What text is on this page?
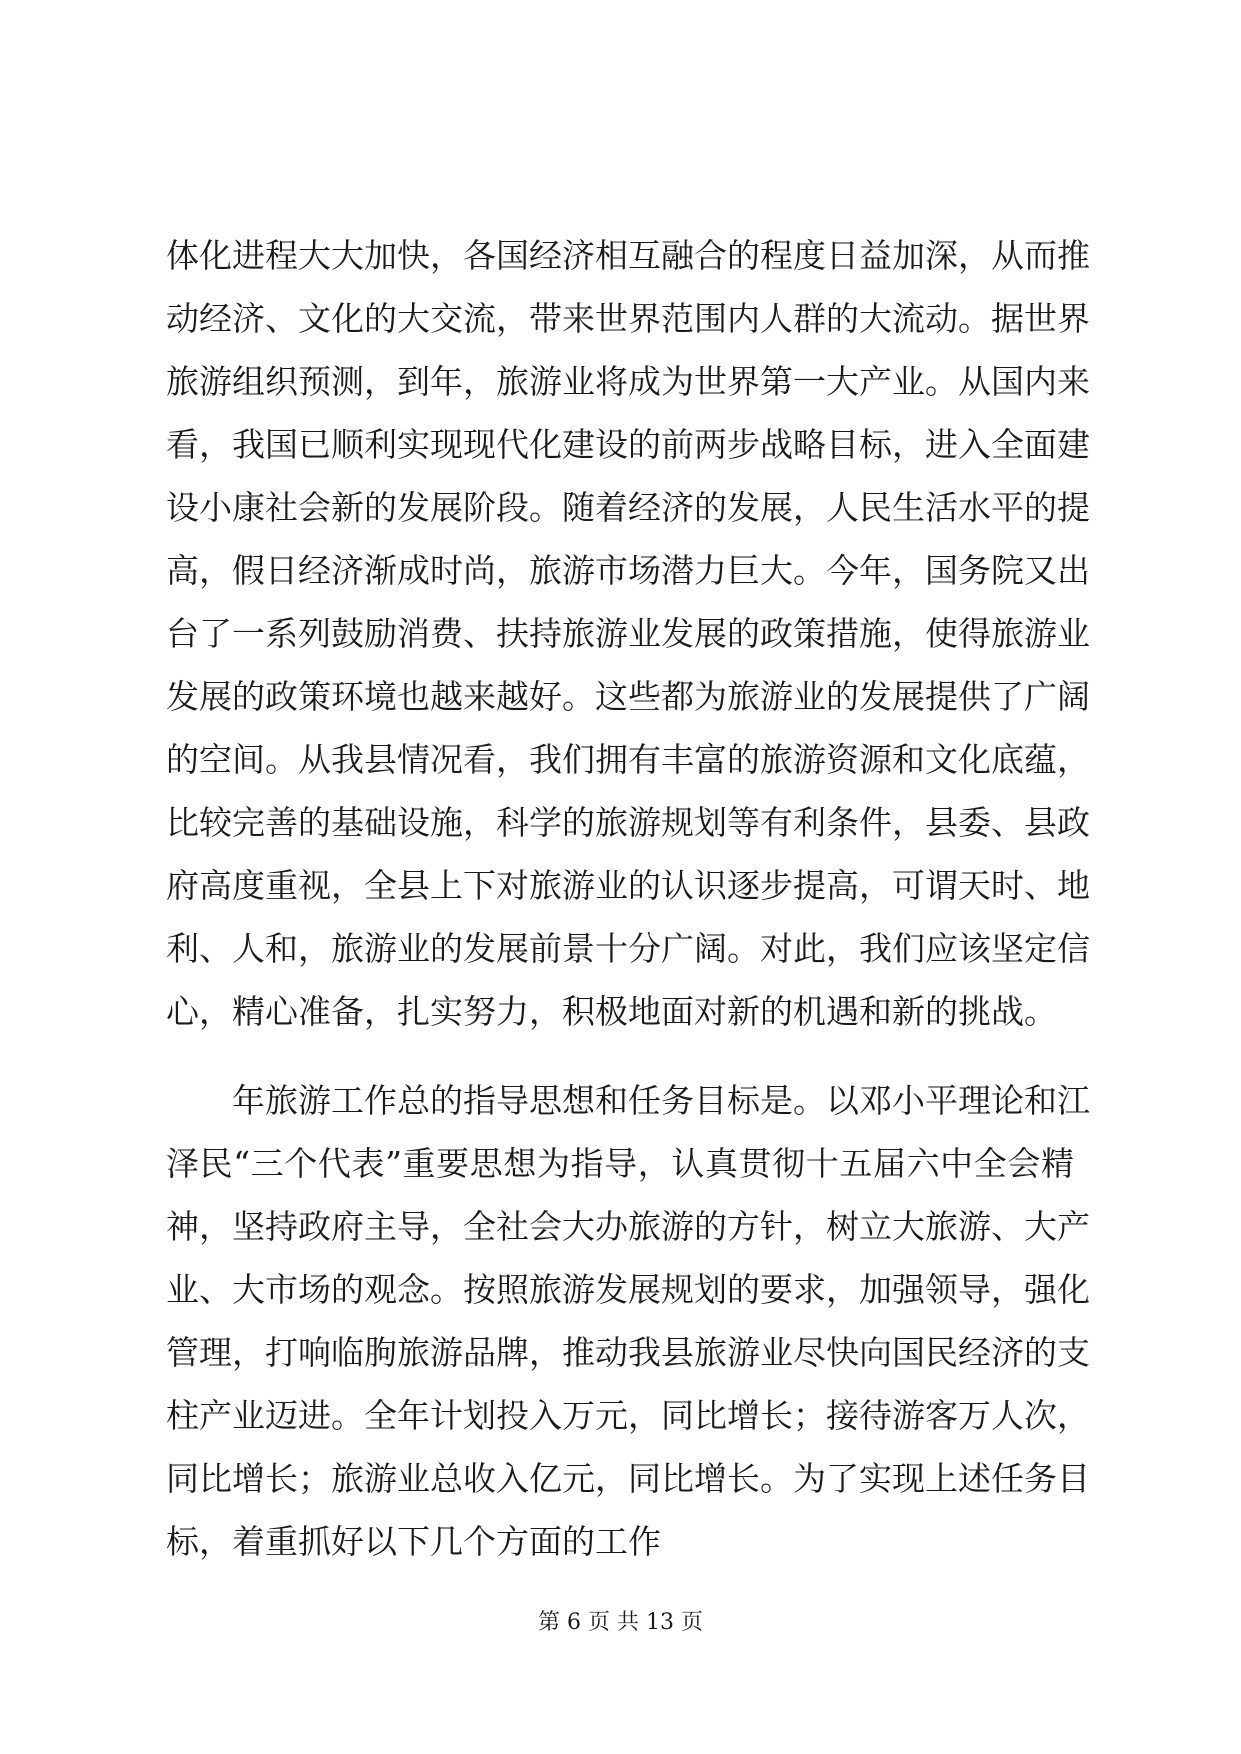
体化进程大大加快，各国经济相互融合的程度日益加深，从而推
动经济、文化的大交流，带来世界范围内人群的大流动。据世界
旅游组织预测，到年，旅游业将成为世界第一大产业。从国内来
看，我国已顺利实现现代化建设的前两步战略目标，进入全面建
设小康社会新的发展阶段。随着经济的发展，人民生活水平的提
高，假日经济渐成时尚，旅游市场潜力巨大。今年，国务院又出
台了一系列鼓励消费、扶持旅游业发展的政策措施，使得旅游业
发展的政策环境也越来越好。这些都为旅游业的发展提供了广阔
的空间。从我县情况看，我们拥有丰富的旅游资源和文化底蕴，
比较完善的基础设施，科学的旅游规划等有利条件，县委、县政
府高度重视，全县上下对旅游业的认识逐步提高，可谓天时、地
利、人和，旅游业的发展前景十分广阔。对此，我们应该坚定信
心，精心准备，扎实努力，积极地面对新的机遇和新的挑战。
年旅游工作总的指导思想和任务目标是。以邓小平理论和江
泽民“三个代表”重要思想为指导，认真贯彻十五届六中全会精
神，坚持政府主导，全社会大办旅游的方针，树立大旅游、大产
业、大市场的观念。按照旅游发展规划的要求，加强领导，强化
管理，打响临朐旅游品牌，推动我县旅游业尽快向国民经济的支
柱产业迈进。全年计划投入万元，同比增长；接待游客万人次，
同比增长；旅游业总收入亿元，同比增长。为了实现上述任务目
标，着重抓好以下几个方面的工作
第 6 页 共 13 页
